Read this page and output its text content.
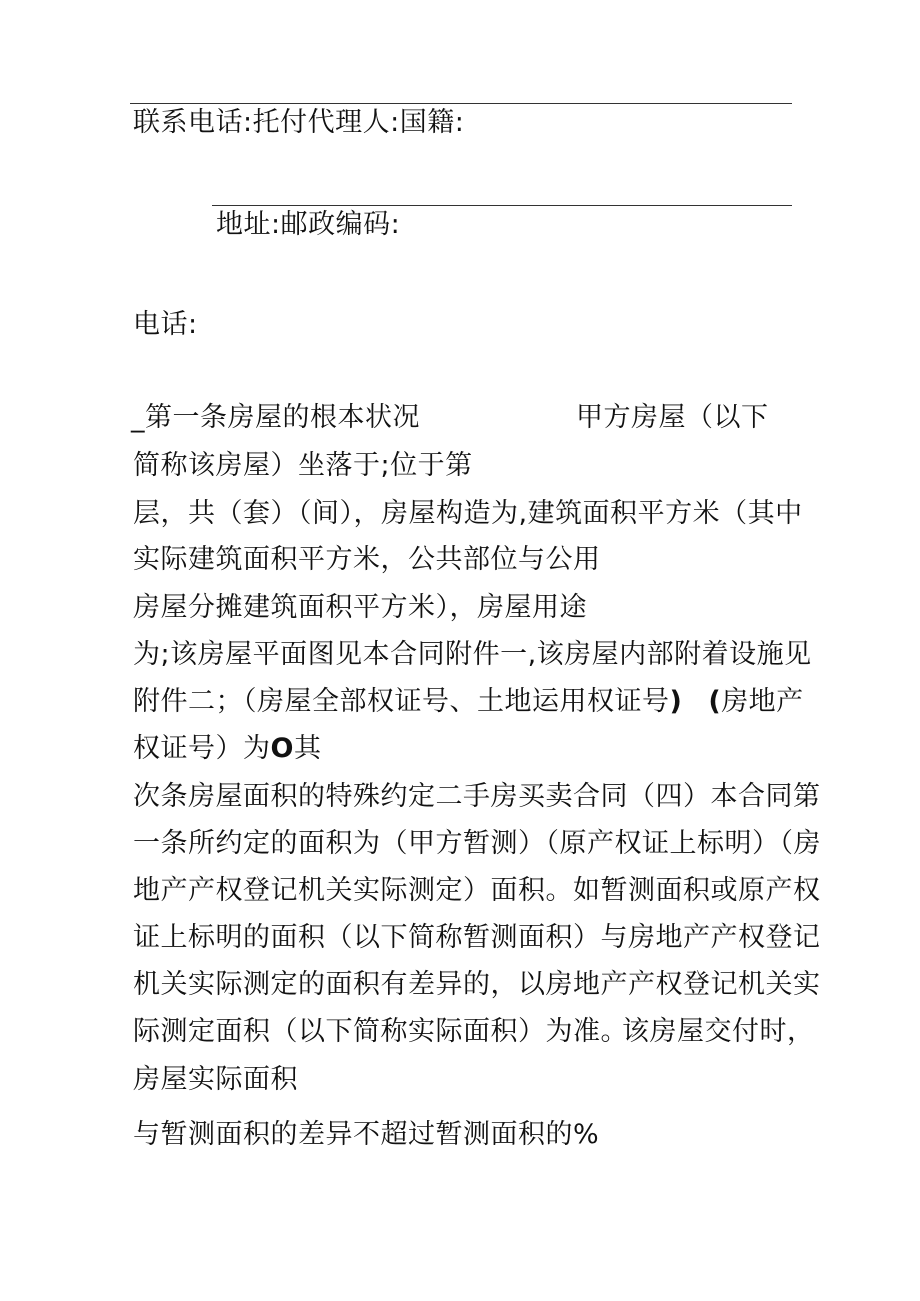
联系电话:托付代理人:国籍:
地址:邮政编码:
电话:
_第一条房屋的根本状况	甲方房屋（以下
简称该房屋）坐落于;位于第
层，共（套）（间），房屋构造为,建筑面积平方米（其中
实际建筑面积平方米，公共部位与公用
房屋分摊建筑面积平方米），房屋用途
为;该房屋平面图见本合同附件一,该房屋内部附着设施见
附件二；（房屋全部权证号、土地运用权证号) (房地产
权证号）为O其
次条房屋面积的特殊约定二手房买卖合同（四）本合同第
一条所约定的面积为（甲方暂测）（原产权证上标明）（房
地产产权登记机关实际测定）面积。如暂测面积或原产权
证上标明的面积（以下简称暂测面积）与房地产产权登记
机关实际测定的面积有差异的，以房地产产权登记机关实
际测定面积（以下简称实际面积）为准。
该房屋交付时，
房屋实际面积
与暂测面积的差异不超过暂测面积的%
